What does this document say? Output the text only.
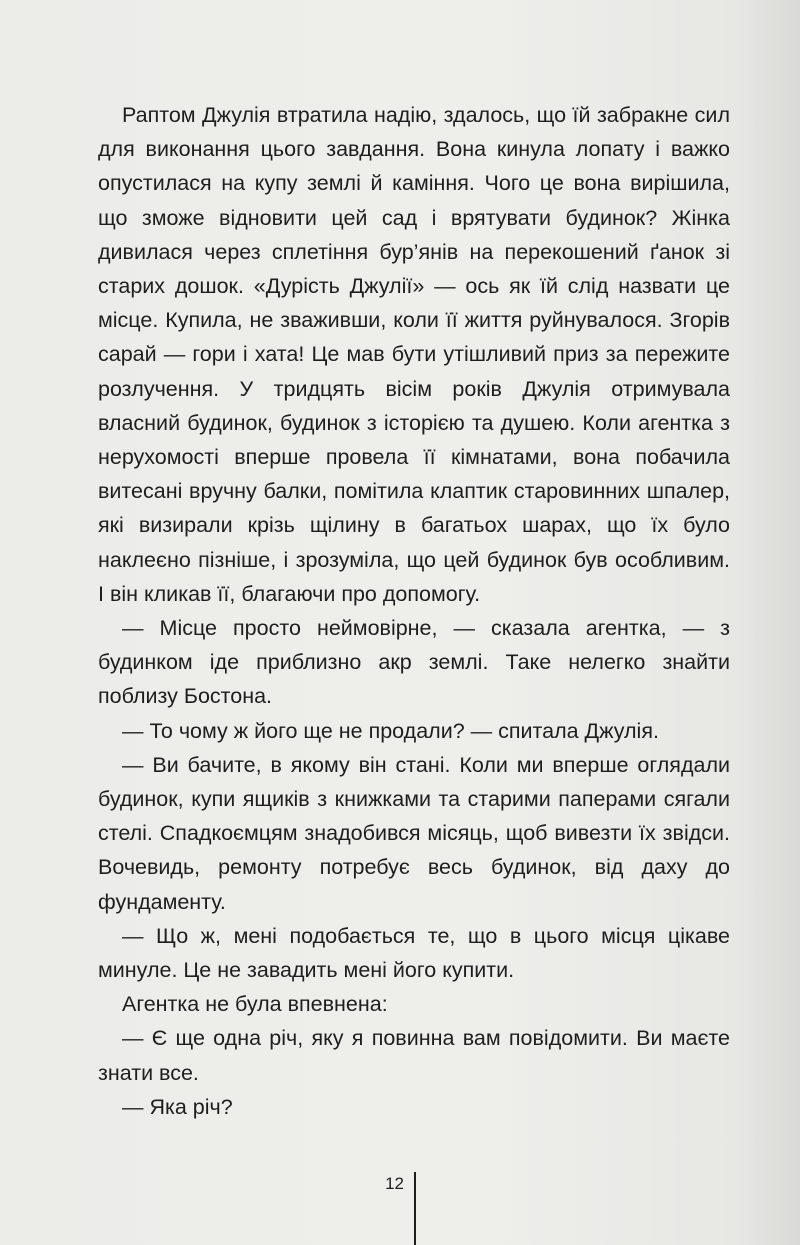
Раптом Джулія втратила надію, здалось, що їй забракне сил для виконання цього завдання. Вона кинула лопату і важко опустилася на купу землі й каміння. Чого це вона вирішила, що зможе відновити цей сад і врятувати будинок? Жінка дивилася через сплетіння бур’янів на перекошений ґанок зі старих дошок. «Дурість Джулії» — ось як їй слід назвати це місце. Купила, не зваживши, коли її життя руйнувалося. Згорів сарай — гори і хата! Це мав бути утішливий приз за пережите розлучення. У тридцять вісім років Джулія отримувала власний будинок, будинок з історією та душею. Коли агентка з нерухомості вперше провела її кімнатами, вона побачила витесані вручну балки, помітила клаптик старовинних шпалер, які визирали крізь щілину в багатьох шарах, що їх було наклеєно пізніше, і зрозуміла, що цей будинок був особливим. І він кликав її, благаючи про допомогу.

— Місце просто неймовірне, — сказала агентка, — з будинком іде приблизно акр землі. Таке нелегко знайти поблизу Бостона.

— То чому ж його ще не продали? — спитала Джулія.

— Ви бачите, в якому він стані. Коли ми вперше оглядали будинок, купи ящиків з книжками та старими паперами сягали стелі. Спадкоємцям знадобився місяць, щоб вивезти їх звідси. Вочевидь, ремонту потребує весь будинок, від даху до фундаменту.

— Що ж, мені подобається те, що в цього місця цікаве минуле. Це не завадить мені його купити.

Агентка не була впевнена:

— Є ще одна річ, яку я повинна вам повідомити. Ви маєте знати все.

— Яка річ?

12
